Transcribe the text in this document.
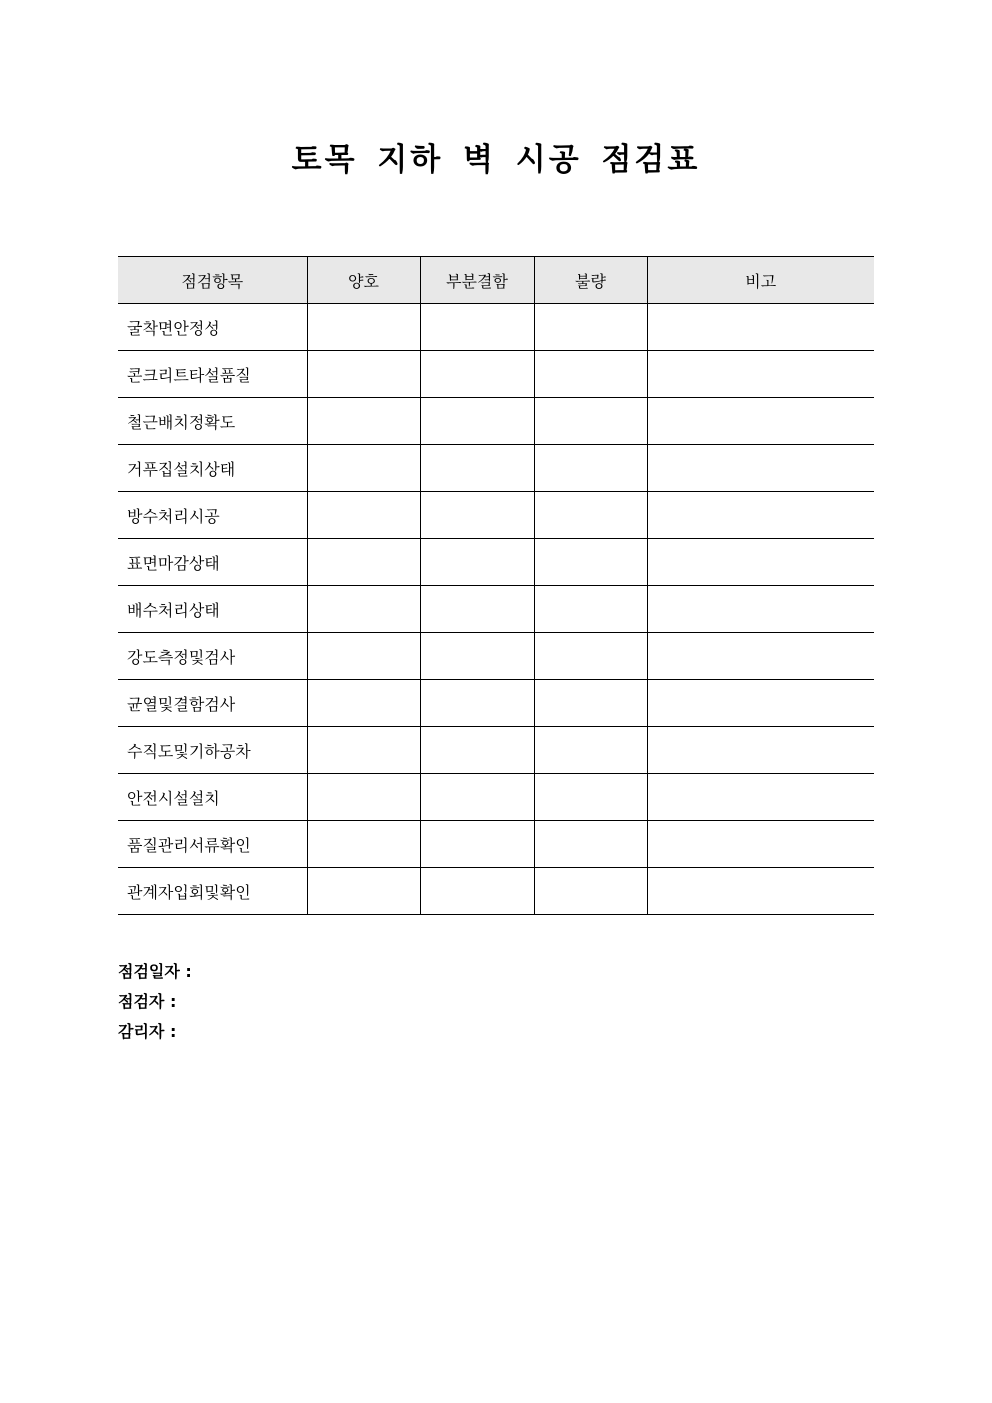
토목 지하 벽 시공 점검표
점검항목	양호	부분결함	불량	비고
굴착면안정성				
콘크리트타설품질				
철근배치정확도				
거푸집설치상태				
방수처리시공				
표면마감상태				
배수처리상태				
강도측정및검사				
균열및결함검사				
수직도및기하공차				
안전시설설치				
품질관리서류확인				
관계자입회및확인				
점검일자 :
점검자 :
감리자 :
